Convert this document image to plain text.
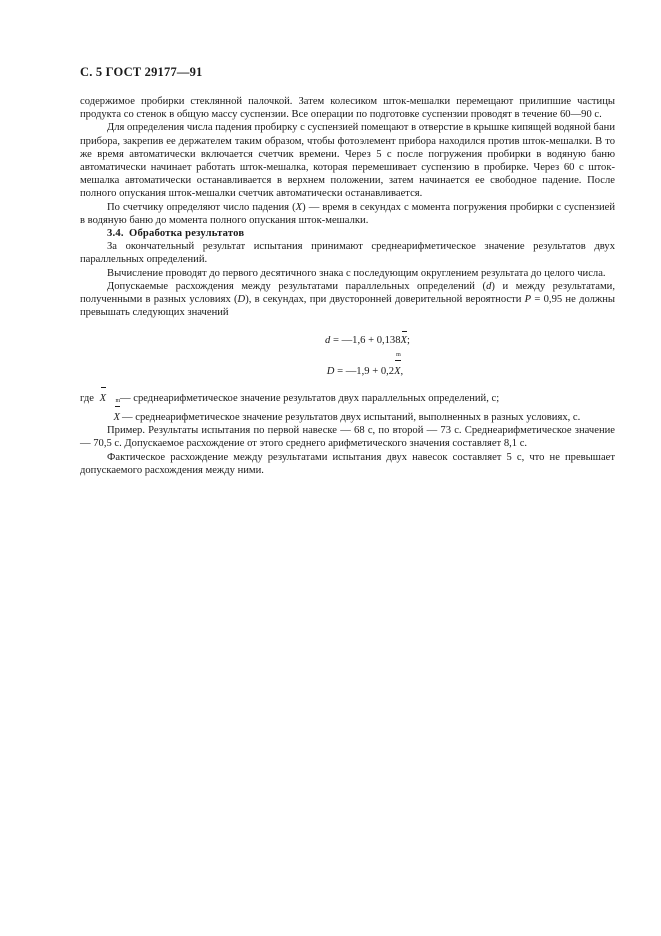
С. 5 ГОСТ 29177—91

содержимое пробирки стеклянной палочкой. Затем колесиком шток-мешалки перемещают прилипшие частицы продукта со стенок в общую массу суспензии. Все операции по подготовке суспензии проводят в течение 60—90 с.

Для определения числа падения пробирку с суспензией помещают в отверстие в крышке кипящей водяной бани прибора, закрепив ее держателем таким образом, чтобы фотоэлемент прибора находился против шток-мешалки. В то же время автоматически включается счетчик времени. Через 5 с после погружения пробирки в водяную баню автоматически начинает работать шток-мешалка, которая перемешивает суспензию в пробирке. Через 60 с шток-мешалка автоматически останавливается в верхнем положении, затем начинается ее свободное падение. После полного опускания шток-мешалки счетчик автоматически останавливается.

По счетчику определяют число падения (X) — время в секундах с момента погружения пробирки с суспензией в водяную баню до момента полного опускания шток-мешалки.

3.4. Обработка результатов

За окончательный результат испытания принимают среднеарифметическое значение результатов двух параллельных определений.

Вычисление проводят до первого десятичного знака с последующим округлением результата до целого числа.

Допускаемые расхождения между результатами параллельных определений (d) и между результатами, полученными в разных условиях (D), в секундах, при двусторонней доверительной вероятности P = 0,95 не должны превышать следующих значений

d = —1,6 + 0,138X
;

D = —1,9 + 0,2
m
X,

где X	— среднеарифметическое значение результатов двух параллельных определений, с;
m
X — среднеарифметическое значение результатов двух испытаний, выполненных в разных условиях, с.

Пример. Результаты испытания по первой навеске — 68 с, по второй — 73 с. Среднеарифметическое значение — 70,5 с. Допускаемое расхождение от этого среднего арифметического значения составляет 8,1 с.

Фактическое расхождение между результатами испытания двух навесок составляет 5 с, что не превышает допускаемого расхождения между ними.
